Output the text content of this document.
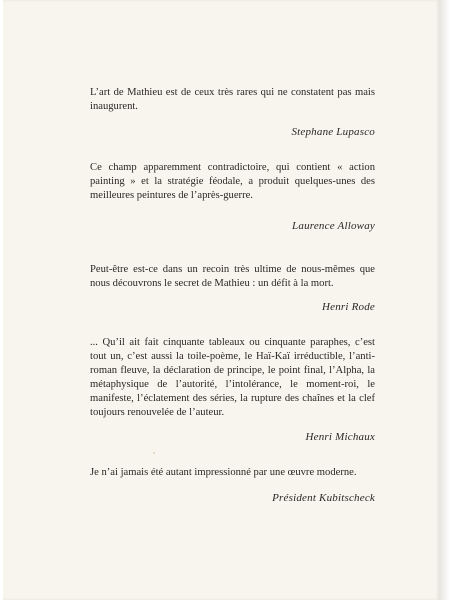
L’art de Mathieu est de ceux très rares qui ne constatent pas mais inaugurent.

Stephane Lupasco

Ce champ apparemment contradictoire, qui contient « action painting » et la stratégie féodale, a produit quelques-unes des meilleures peintures de l’après-guerre.

Laurence Alloway

Peut-être est-ce dans un recoin très ultime de nous-mêmes que nous découvrons le secret de Mathieu : un défit à la mort.

Henri Rode

... Qu’il ait fait cinquante tableaux ou cinquante paraphes, c’est tout un, c’est aussi la toile-poème, le Haï-Kaï irréductible, l’anti-roman fleuve, la déclaration de principe, le point final, l’Alpha, la métaphysique de l’autorité, l’intolérance, le moment-roi, le manifeste, l’éclatement des séries, la rupture des chaînes et la clef toujours renouvelée de l’auteur.

Henri Michaux

Je n’ai jamais été autant impressionné par une œuvre moderne.

Président Kubitscheck
